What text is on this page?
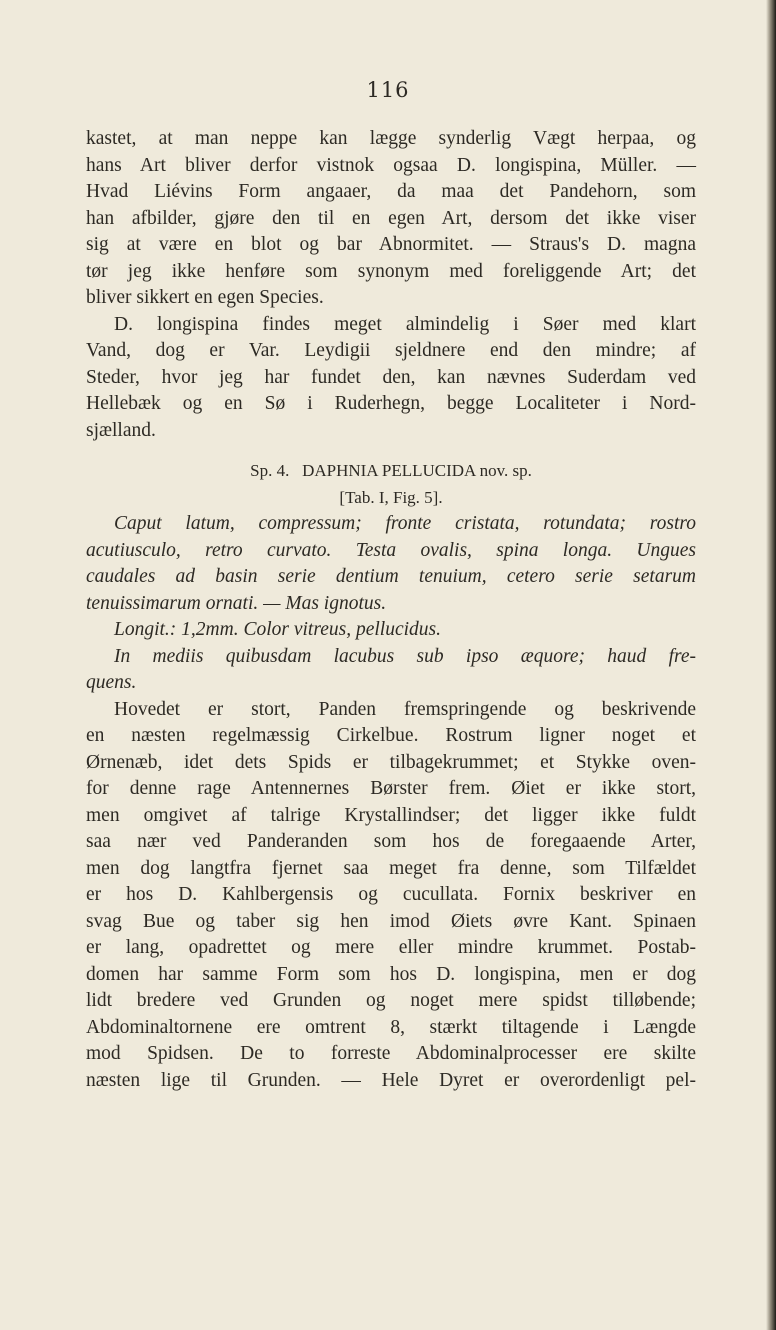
116
kastet, at man neppe kan lægge synderlig Vægt herpaa, og
hans Art bliver derfor vistnok ogsaa D. longispina, Müller. —
Hvad Liévins Form angaaer, da maa det Pandehorn, som
han afbilder, gjøre den til en egen Art, dersom det ikke viser
sig at være en blot og bar Abnormitet. — Straus's D. magna
tør jeg ikke henføre som synonym med foreliggende Art; det
bliver sikkert en egen Species.
D. longispina findes meget almindelig i Søer med klart
Vand, dog er Var. Leydigii sjeldnere end den mindre; af
Steder, hvor jeg har fundet den, kan nævnes Suderdam ved
Hellebæk og en Sø i Ruderhegn, begge Localiteter i Nord-
sjælland.
Sp. 4.   DAPHNIA PELLUCIDA nov. sp.
[Tab. I, Fig. 5].
Caput latum, compressum; fronte cristata, rotundata; rostro
acutiusculo, retro curvato. Testa ovalis, spina longa. Ungues
caudales ad basin serie dentium tenuium, cetero serie setarum
tenuissimarum ornati. — Mas ignotus.
Longit.: 1,2mm. Color vitreus, pellucidus.
In mediis quibusdam lacubus sub ipso æquore; haud fre-
quens.
Hovedet er stort, Panden fremspringende og beskrivende
en næsten regelmæssig Cirkelbue. Rostrum ligner noget et
Ørnenæb, idet dets Spids er tilbagekrummet; et Stykke oven-
for denne rage Antennernes Børster frem. Øiet er ikke stort,
men omgivet af talrige Krystallindser; det ligger ikke fuldt
saa nær ved Panderanden som hos de foregaaende Arter,
men dog langtfra fjernet saa meget fra denne, som Tilfældet
er hos D. Kahlbergensis og cucullata. Fornix beskriver en
svag Bue og taber sig hen imod Øiets øvre Kant. Spinaen
er lang, opadrettet og mere eller mindre krummet. Postab-
domen har samme Form som hos D. longispina, men er dog
lidt bredere ved Grunden og noget mere spidst tilløbende;
Abdominaltornene ere omtrent 8, stærkt tiltagende i Længde
mod Spidsen. De to forreste Abdominalprocesser ere skilte
næsten lige til Grunden. — Hele Dyret er overordenligt pel-
